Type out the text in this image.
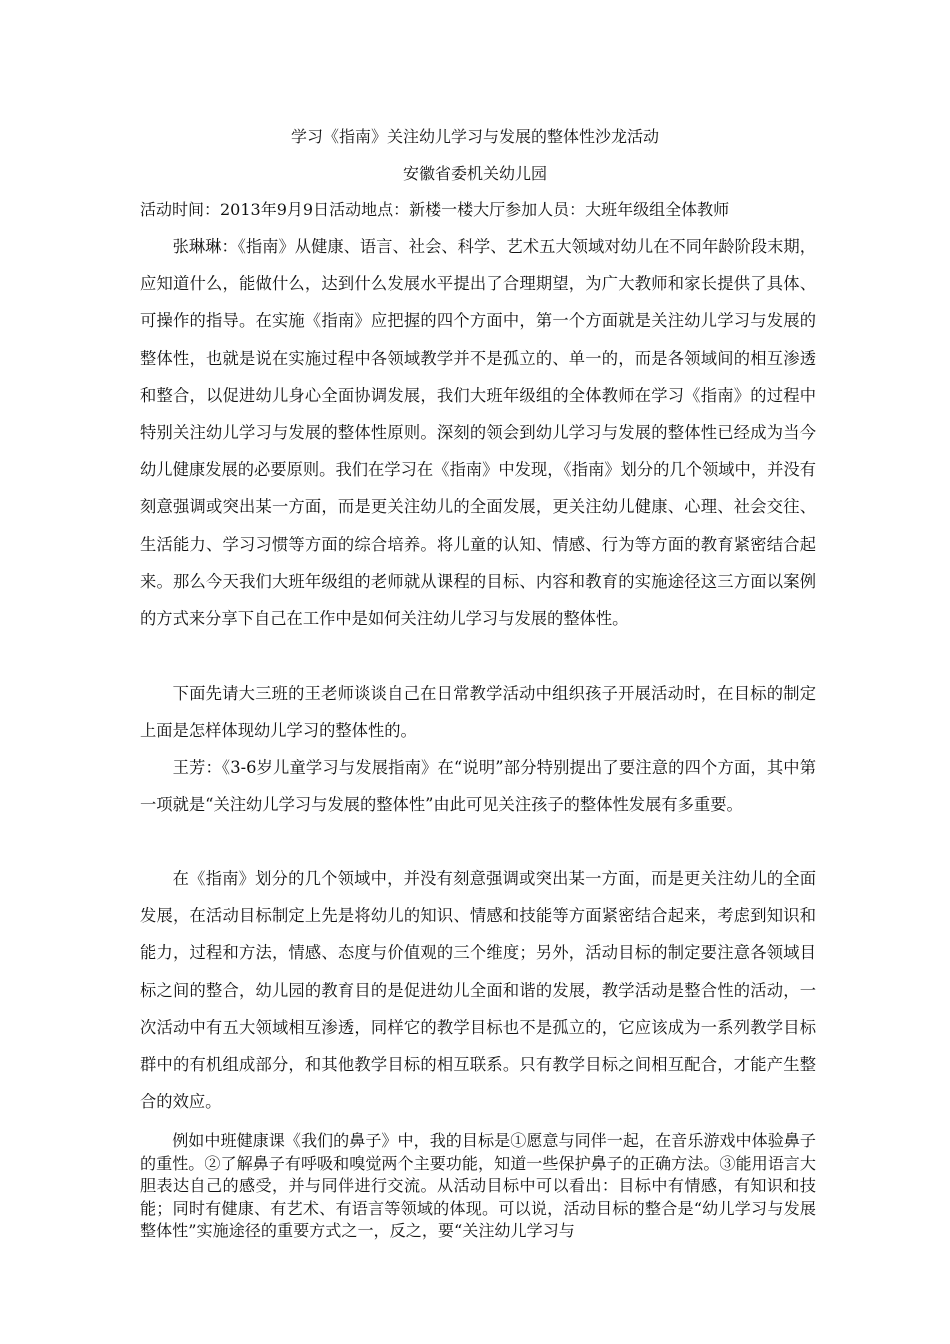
学习《指南》关注幼儿学习与发展的整体性沙龙活动
安徽省委机关幼儿园
活动时间：2013年9月9日活动地点：新楼一楼大厅参加人员：大班年级组全体教师

张琳琳：《指南》从健康、语言、社会、科学、艺术五大领域对幼儿在不同年龄阶段末期，应知道什么，能做什么，达到什么发展水平提出了合理期望，为广大教师和家长提供了具体、可操作的指导。在实施《指南》应把握的四个方面中，第一个方面就是关注幼儿学习与发展的整体性，也就是说在实施过程中各领域教学并不是孤立的、单一的，而是各领域间的相互渗透和整合，以促进幼儿身心全面协调发展，我们大班年级组的全体教师在学习《指南》的过程中特别关注幼儿学习与发展的整体性原则。深刻的领会到幼儿学习与发展的整体性已经成为当今幼儿健康发展的必要原则。我们在学习在《指南》中发现，《指南》划分的几个领域中，并没有刻意强调或突出某一方面，而是更关注幼儿的全面发展，更关注幼儿健康、心理、社会交往、生活能力、学习习惯等方面的综合培养。将儿童的认知、情感、行为等方面的教育紧密结合起来。那么今天我们大班年级组的老师就从课程的目标、内容和教育的实施途径这三方面以案例的方式来分享下自己在工作中是如何关注幼儿学习与发展的整体性。

下面先请大三班的王老师谈谈自己在日常教学活动中组织孩子开展活动时，在目标的制定上面是怎样体现幼儿学习的整体性的。

王芳：《3-6岁儿童学习与发展指南》在“说明”部分特别提出了要注意的四个方面，其中第一项就是“关注幼儿学习与发展的整体性”由此可见关注孩子的整体性发展有多重要。

在《指南》划分的几个领域中，并没有刻意强调或突出某一方面，而是更关注幼儿的全面发展，在活动目标制定上先是将幼儿的知识、情感和技能等方面紧密结合起来，考虑到知识和能力，过程和方法，情感、态度与价值观的三个维度；另外，活动目标的制定要注意各领域目标之间的整合，幼儿园的教育目的是促进幼儿全面和谐的发展，教学活动是整合性的活动，一次活动中有五大领域相互渗透，同样它的教学目标也不是孤立的，它应该成为一系列教学目标群中的有机组成部分，和其他教学目标的相互联系。只有教学目标之间相互配合，才能产生整合的效应。

例如中班健康课《我们的鼻子》中，我的目标是①愿意与同伴一起，在音乐游戏中体验鼻子的重性。②了解鼻子有呼吸和嗅觉两个主要功能，知道一些保护鼻子的正确方法。③能用语言大胆表达自己的感受，并与同伴进行交流。从活动目标中可以看出：目标中有情感，有知识和技能；同时有健康、有艺术、有语言等领域的体现。可以说，活动目标的整合是“幼儿学习与发展整体性”实施途径的重要方式之一，反之，要“关注幼儿学习与
